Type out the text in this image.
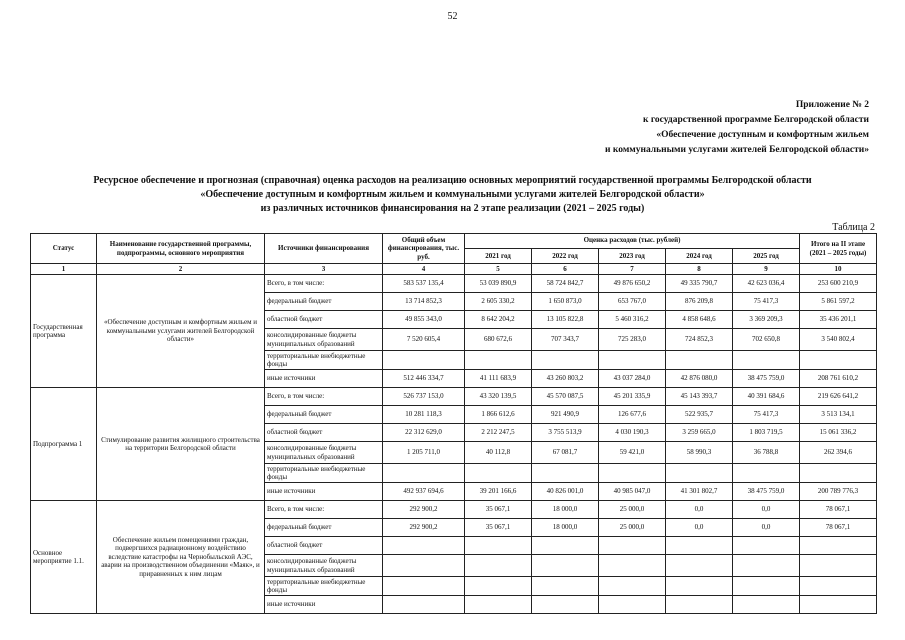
52
Приложение № 2
к государственной программе Белгородской области
«Обеспечение доступным и комфортным жильем
и коммунальными услугами жителей Белгородской области»
Ресурсное обеспечение и прогнозная (справочная) оценка расходов на реализацию основных мероприятий государственной программы Белгородской области
«Обеспечение доступным и комфортным жильем и коммунальными услугами жителей Белгородской области»
из различных источников финансирования на 2 этапе реализации (2021 – 2025 годы)
Таблица 2
Статус	Наименование государственной программы, подпрограммы, основного мероприятия	Источники финансирования	Общий объем финансирования, тыс. руб.	Оценка расходов (тыс. рублей)					Итого на II этапе (2021 – 2025 годы)
				2021 год	2022 год	2023 год	2024 год	2025 год	
1	2	3	4	5	6	7	8	9	10
Государственная программа	«Обеспечение доступным и комфортным жильем и коммунальными услугами жителей Белгородской области»	Всего, в том числе:	583 537 135,4	53 039 890,9	58 724 842,7	49 876 650,2	49 335 790,7	42 623 036,4	253 600 210,9
		федеральный бюджет	13 714 852,3	2 605 330,2	1 650 873,0	653 767,0	876 209,8	75 417,3	5 861 597,2
		областной бюджет	49 855 343,0	8 642 204,2	13 105 822,8	5 460 316,2	4 858 648,6	3 369 209,3	35 436 201,1
		консолидированные бюджеты муниципальных образований	7 520 605,4	680 672,6	707 343,7	725 283,0	724 852,3	702 650,8	3 540 802,4
		территориальные внебюджетные фонды							
		иные источники	512 446 334,7	41 111 683,9	43 260 803,2	43 037 284,0	42 876 080,0	38 475 759,0	208 761 610,2
Подпрограмма 1	Стимулирование развития жилищного строительства на территории Белгородской области	Всего, в том числе:	526 737 153,0	43 320 139,5	45 570 087,5	45 201 335,9	45 143 393,7	40 391 684,6	219 626 641,2
		федеральный бюджет	10 281 118,3	1 866 612,6	921 490,9	126 677,6	522 935,7	75 417,3	3 513 134,1
		областной бюджет	22 312 629,0	2 212 247,5	3 755 513,9	4 030 190,3	3 259 665,0	1 803 719,5	15 061 336,2
		консолидированные бюджеты муниципальных образований	1 205 711,0	40 112,8	67 081,7	59 421,0	58 990,3	36 788,8	262 394,6
		территориальные внебюджетные фонды							
		иные источники	492 937 694,6	39 201 166,6	40 826 001,0	40 985 047,0	41 301 802,7	38 475 759,0	200 789 776,3
Основное мероприятие 1.1.	Обеспечение жильем помещениями граждан, подвергшихся радиационному воздействию вследствие катастрофы на Чернобыльской АЭС, аварии на производственном объединении «Маяк», и приравненных к ним лицам	Всего, в том числе:	292 900,2	35 067,1	18 000,0	25 000,0	0,0	0,0	78 067,1
		федеральный бюджет	292 900,2	35 067,1	18 000,0	25 000,0	0,0	0,0	78 067,1
		областной бюджет							
		консолидированные бюджеты муниципальных образований							
		территориальные внебюджетные фонды							
		иные источники							
